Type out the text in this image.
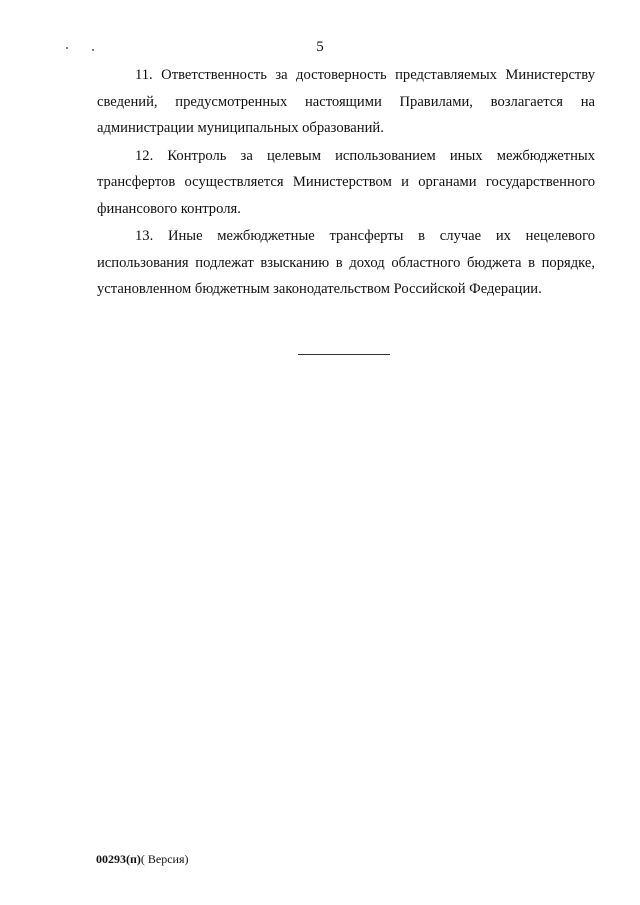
5

11. Ответственность за достоверность представляемых Министерству сведений, предусмотренных настоящими Правилами, возлагается на администрации муниципальных образований.

12. Контроль за целевым использованием иных межбюджетных трансфертов осуществляется Министерством и органами государственного финансового контроля.

13. Иные межбюджетные трансферты в случае их нецелевого использования подлежат взысканию в доход областного бюджета в порядке, установленном бюджетным законодательством Российской Федерации.

00293(п)( Версия)
